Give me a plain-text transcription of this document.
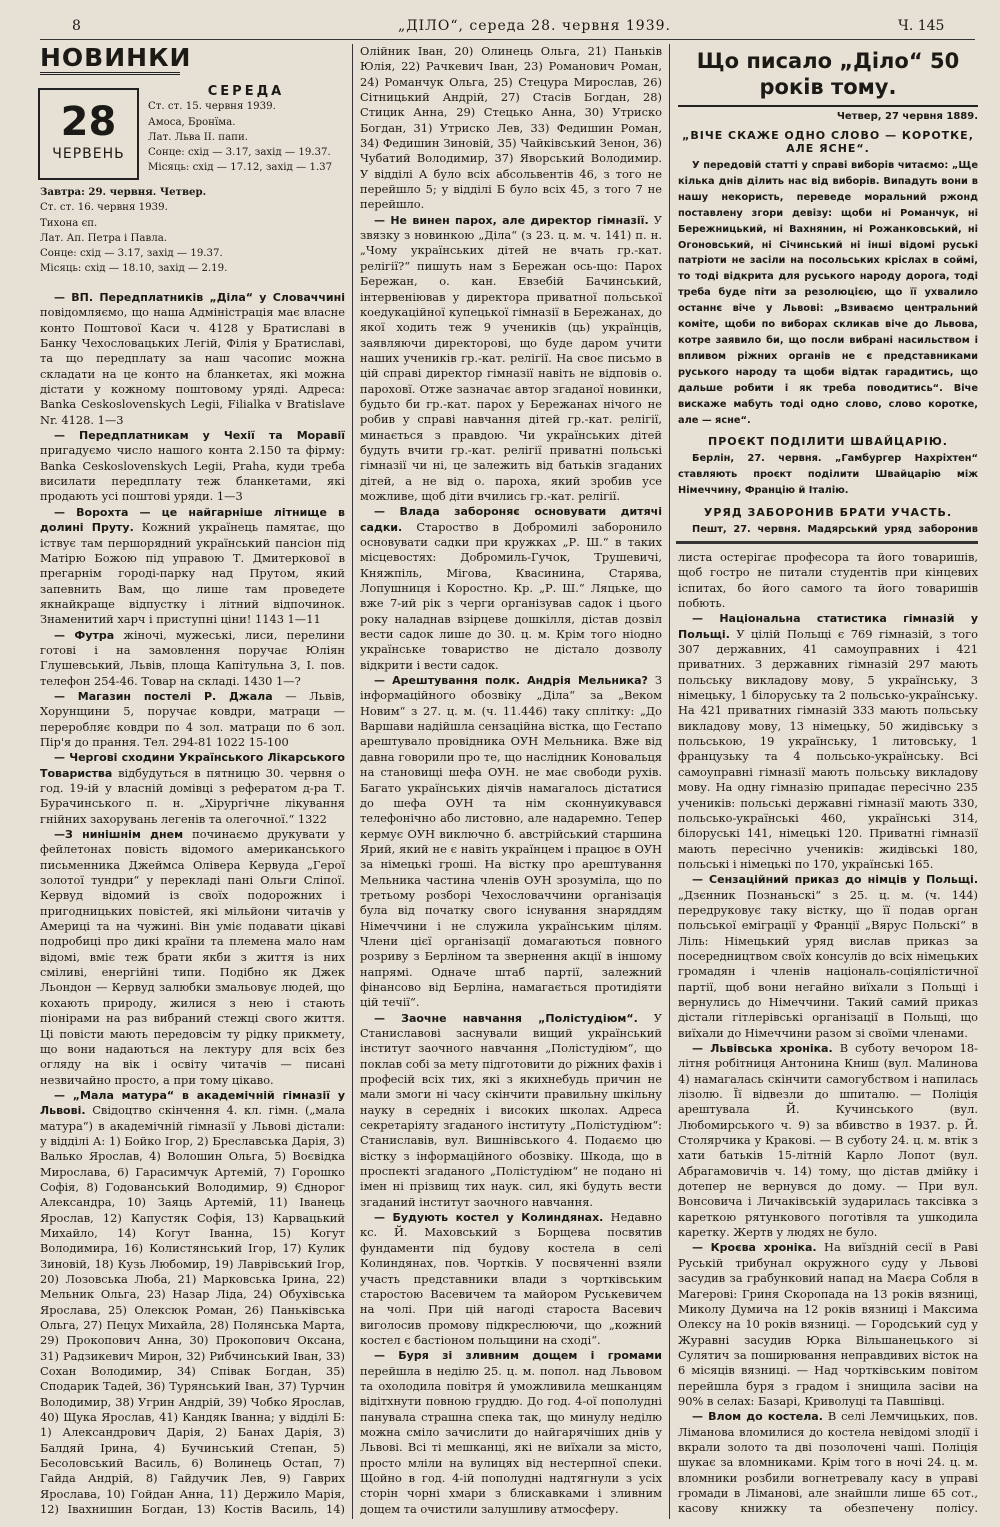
8	„ДІЛО“, середа 28. червня 1939.	Ч. 145
НОВИНКИ
28
ЧЕРВЕНЬ
СЕРЕДА
Ст. ст. 15. червня 1939.
Амоса, Бронїма.
Лат. Льва II. папи.
Сонце: схід — 3.17, захід — 19.37.
Місяць: схід — 17.12, захід — 1.37
Завтра: 29. червня. Четвер.
Ст. ст. 16. червня 1939.
Тихона єп.
Лат. Ап. Петра і Павла.
Сонце: схід — 3.17, захід — 19.37.
Місяць: схід — 18.10, захід — 2.19.

— ВП. Передплатників „Діла“ у Словаччині повідомляємо, що наша Адміністрація має власне конто Поштової Каси ч. 4128 у Братиславі в Банку Чехословацьких Легій, Філія у Братиславі, та що передплату за наш часопис можна складати на це конто на бланкетах, які можна дістати у кожному поштовому уряді. Адреса: Banka Ceskoslovenskych Legii, Filialka v Bratislave Nr. 4128. 1—3

— Передплатникам у Чехії та Моравії пригадуємо число нашого конта 2.150 та фірму: Banka Ceskoslovenskych Legii, Praha, куди треба висилати передплату теж бланкетами, які продають усі поштові уряди. 1—3

— Ворохта — це найгарніше літнище в долині Пруту. Кожний українець памятає, що іствує там першорядний український пансіон під Матірю Божою під управою Т. Дмитеркової в прегарнім городі-парку над Прутом, який запевнить Вам, що лише там проведете якнайкраще відпустку і літний відпочинок. Знаменитий харч і приступні ціни! 1143 1—11

— Футра жіночі, мужеські, лиси, перелини готові і на замовлення поручає Юліян Глушевський, Львів, площа Капітульна 3, І. пов. телефон 254-46. Товар на складі. 1430 1—?

— Магазин постелі Р. Джала — Львів, Хорунщини 5, поручає ковдри, матраци — переробляє ковдри по 4 зол. матраци по 6 зол. Пір'я до прання. Тел. 294-81 1022 15-100

— Чергові сходини Українського Лікарського Товариства відбудуться в пятницю 30. червня о год. 19-ій у власній домівці з рефератом д-ра Т. Бурачинського п. н. „Хірургічне лікування гнійних захорувань легенів та олегочної.“ 1322

—З нинішнім днем починаємо друкувати у фейлетонах повість відомого американського письменника Джеймса Олівера Кервуда „Герої золотої тундри“ у перекладі пані Ольги Сліпої. Кервуд відомий із своїх подорожних і пригодницьких повістей, які мільйони читачів у Америці та на чужині. Він уміє подавати цікаві подробиці про дикі країни та племена мало нам відомі, вміє теж брати якби з життя із них сміливі, енергійні типи. Подібно як Джек Льондон — Кервуд залюбки змальовує людей, що кохають природу, жилися з нею і стають піонірами на раз вибраний стежці свого життя. Ці повісти мають передовсім ту рідку прикмету, що вони надаються на лектуру для всіх без огляду на вік і освіту читачів — писані незвичайно просто, а при тому цікаво.

— „Мала матура“ в академічній гімназії у Львові. Свідоцтво скінчення 4. кл. гімн. („мала матура“) в академічній гімназії у Львові дістали: у відділі А: 1) Бойко Ігор, 2) Бреславська Дарія, 3) Валько Ярослав, 4) Волошин Ольга, 5) Воєвідка Мирослава, 6) Гарасимчук Артемій, 7) Горошко Софія, 8) Годованський Володимир, 9) Єднорог Александра, 10) Заяць Артемій, 11) Іванець Ярослав, 12) Капустяк Софія, 13) Карвацький Михайло, 14) Когут Іванна, 15) Когут Володимира, 16) Колистянський Ігор, 17) Кулик Зиновій, 18) Кузь Любомир, 19) Лаврівський Ігор, 20) Лозовська Люба, 21) Марковська Ірина, 22) Мельник Ольга, 23) Назар Ліда, 24) Обухівська Ярослава, 25) Олексюк Роман, 26) Паньківська Ольга, 27) Пецух Михайла, 28) Полянська Марта, 29) Прокопович Анна, 30) Прокопович Оксана, 31) Радзикевич Мирон, 32) Рибчинський Іван, 33) Сохан Володимир, 34) Співак Богдан, 35) Сподарик Тадей, 36) Турянський Іван, 37) Турчин Володимир, 38) Угрин Андрій, 39) Чобко Ярослав, 40) Щука Ярослав, 41) Кандяк Іванна; у відділі Б: 1) Александрович Дарія, 2) Банах Дарія, 3) Балдяй Ірина, 4) Бучинський Степан, 5) Бесоловський Василь, 6) Волинець Остап, 7) Гайда Андрій, 8) Гайдучик Лев, 9) Гаврих Ярослава, 10) Гойдан Анна, 11) Держило Марія, 12) Івахнишин Богдан, 13) Костів Василь, 14)

Олійник Іван, 20) Олинець Ольга, 21) Паньків Юлія, 22) Рачкевич Іван, 23) Романович Роман, 24) Романчук Ольга, 25) Стецура Мирослав, 26) Сітницький Андрій, 27) Стасів Богдан, 28) Стицик Анна, 29) Стецько Анна, 30) Утриско Богдан, 31) Утриско Лев, 33) Федишин Роман, 34) Федишин Зиновій, 35) Чайківський Зенон, 36) Чубатий Володимир, 37) Яворський Володимир. У відділі А було всіх абсольвентів 46, з того не перейшло 5; у відділі Б було всіх 45, з того 7 не перейшло.

— Не винен парох, але директор гімназії. У звязку з новинкою „Діла“ (з 23. ц. м. ч. 141) п. н. „Чому українських дітей не вчать гр.-кат. релігії?“ пишуть нам з Бережан ось-що: Парох Бережан, о. кан. Евзебій Бачинський, інтервеніював у директора приватної польської коедукаційної купецької гімназії в Бережанах, до якої ходить теж 9 учеників (ць) українців, заявляючи директорові, що буде даром учити наших учеників гр.-кат. релігії. На своє письмо в цій справі директор гімназії навіть не відповів о. пароховї. Отже зазначає автор згаданої новинки, будьто би гр.-кат. парох у Бережанах нічого не робив у справі навчання дітей гр.-кат. релігії, минається з правдою. Чи українських дітей будуть вчити гр.-кат. релігії приватні польські гімназії чи ні, це залежить від батьків згаданих дітей, а не від о. пароха, який зробив усе можливе, щоб діти вчились гр.-кат. релігії.

— Влада забороняє основувати дитячі садки. Староство в Добромилі заборонило основувати садки при кружках „Р. Ш.“ в таких місцевостях: Добромиль-Гучок, Трушевичі, Княжпіль, Мігова, Квасинина, Старява, Лопушниця і Коростно. Кр. „Р. Ш.“ Ляцьке, що вже 7-ий рік з черги організував садок і цього року наладнав взірцеве дошкілля, дістав дозвіл вести садок лише до 30. ц. м. Крім того ніодно українське товариство не дістало дозволу відкрити і вести садок.

— Арештування полк. Андрія Мельника? З інформаційного обозвіку „Діла“ за „Веком Новим“ з 27. ц. м. (ч. 11.446) таку сплітку: „До Варшави надійшла сензаційна вістка, що Гестапо арештувало провідника ОУН Мельника. Вже від давна говорили про те, що наслідник Коновальця на становищі шефа ОУН. не має свободи рухів. Багато українських діячів намагалось дістатися до шефа ОУН та нім сконнуикувався телефонічно або листовно, але надаремно. Тепер кермує ОУН виключно б. австрійський старшина Ярий, який не є навіть українцем і працює в ОУН за німецькі гроші. На вістку про арештування Мельника частина членів ОУН зрозуміла, що по третьому розборі Чехословаччини організація була від початку свого існування знаряддям Німеччини і не служила українським цілям. Члени цієї організації домагаються повного розриву з Берліном та звернення акції в іншому напрямі. Одначе штаб партії, залежний фінансово від Берліна, намагається протидіяти цій течії“.

— Заочне навчання „Полістудіюм“. У Станиславові заснували вищий український інститут заочного навчання „Полістудіюм“, що поклав собі за мету підготовити до ріжних фахів і професій всіх тих, які з якихнебудь причин не мали змоги ні часу скінчити правильну шкільну науку в середніх і високих школах. Адреса секретаріяту згаданого інституту „Полістудіюм“: Станиславів, вул. Вишнівського 4. Подаємо цю вістку з інформаційного обозвіку. Шкода, що в проспекті згаданого „Полістудіюм“ не подано ні імен ні прізвищ тих наук. сил, які будуть вести згаданий інститут заочного навчання.

— Будують костел у Колиндянах. Недавно кс. Й. Маховський з Борщева посвятив фундаменти під будову костела в селі Колиндянах, пов. Чортків. У посвяченні взяли участь представники влади з чортківським старостою Васевичем та майором Руськевичем на чолі. При цій нагоді староста Васевич виголосив промову підкреслюючи, що „кожний костел є бастіоном польщини на сході“.

— Буря зі зливним дощем і громами перейшла в неділю 25. ц. м. попол. над Львовом та охолодила повітря й уможливила мешканцям відітхнути повною груддю. До год. 4-ої пополудні панувала страшна спека так, що минулу неділю можна сміло зачислити до найгарячіших днів у Львові. Всі ті мешканці, які не виїхали за місто, просто мліли на вулицях від нестерпної спеки. Щойно в год. 4-ій пополудні надтягнули з усіх сторін чорні хмари з блискавками і зливним дощем та очистили залушливу атмосферу.

Що писало „Діло“ 50 років тому.
Четвер, 27 червня 1889.
„ВІЧЕ СКАЖЕ ОДНО СЛОВО — КОРОТКЕ, АЛЕ ЯСНЕ“.

У передовій статті у справі виборів читаємо: „Ще кілька днів ділить нас від виборів. Випадуть вони в нашу некористь, переведе моральний ржонд поставлену згори девізу: щоби ні Романчук, ні Бережницький, ні Вахнянин, ні Рожанковський, ні Огоновський, ні Січинський ні інші відомі руські патріоти не засіли на посольських кріслах в соймі, то тоді відкрита для руського народу дорога, тоді треба буде піти за резолюцією, що її ухвалило останнє віче у Львові: „Взиваємо центральний коміте, щоби по виборах скликав віче до Львова, котре заявило би, що посли вибрані насильством і впливом ріжних органів не є представниками руського народу та щоби відтак гарадитись, що дальше робити і як треба поводитись“. Віче вискаже мабуть тоді одно слово, слово коротке, але — ясне“.

ПРОЄКТ ПОДІЛИТИ ШВАЙЦАРІЮ.

Берлін, 27. червня. „Гамбургер Нахріхтен“ ставляють проєкт поділити Швайцарію між Німеччину, Францію й Італію.

УРЯД ЗАБОРОНИВ БРАТИ УЧАСТЬ.

Пешт, 27. червня. Мадярський уряд заборонив

листа остерігає професора та його товаришів, щоб гостро не питали студентів при кінцевих іспитах, бо його самого та його товаришів побють.

— Національна статистика гімназій у Польщі. У цілій Польщі є 769 гімназій, з того 307 державних, 41 самоуправних і 421 приватних. З державних гімназій 297 мають польську викладову мову, 5 українську, 3 німецьку, 1 білоруську та 2 польсько-українську. На 421 приватних гімназій 333 мають польську викладову мову, 13 німецьку, 50 жидівську з польською, 19 українську, 1 литовську, 1 французьку та 4 польсько-українську. Всі самоуправні гімназії мають польську викладову мову. На одну гімназію припадає пересічно 235 учеників: польські державні гімназії мають 330, польсько-українські 460, українські 314, білоруські 141, німецькі 120. Приватні гімназії мають пересічно учеників: жидівські 180, польські і німецькі по 170, українські 165.

— Сензаційний приказ до німців у Польщі. „Дзєнник Познаньскі“ з 25. ц. м. (ч. 144) передруковує таку вістку, що її подав орган польської еміграції у Франції „Вярус Польскі“ в Ліль: Німецький уряд вислав приказ за посередництвом своїх консулів до всіх німецьких громадян і членів національ-соціялістичної партії, щоб вони негайно виїхали з Польщі і вернулись до Німеччини. Такий самий приказ дістали гітлерівські організації в Польщі, що виїхали до Німеччини разом зі своїми членами.

— Львівська хроніка. В суботу вечором 18-літня робітниця Антонина Книш (вул. Малинова 4) намагалась скінчити самогубством і напилась лізолю. Її відвезли до шпиталю. — Поліція арештувала Й. Кучинського (вул. Любомирського ч. 9) за вбивство в 1937. р. Й. Столярчика у Кракові. — В суботу 24. ц. м. втік з хати батьків 15-літній Карло Лопот (вул. Абрагамовичів ч. 14) тому, що дістав дмійку і дотепер не вернувся до дому. — При вул. Вонсовича і Личаківській зударилась таксівка з кареткою рятункового поготівля та ушкодила каретку. Жертв у людях не було.

— Кроєва хроніка. На виїздній сесії в Раві Руській трибунал окружного суду у Львові засудив за грабунковий напад на Маєра Собля в Магерові: Гриня Скоропада на 13 років вязниці, Миколу Думича на 12 років вязниці і Максима Олексу на 10 років вязниці. — Городський суд у Журавні засудив Юрка Вільшанецького зі Сулятич за поширювання неправдивих вісток на 6 місяців вязниці. — Над чортківським повітом перейшла буря з градом і знищила засіви на 90% в селах: Базарі, Криволуці та Павшівці.

— Влом до костела. В селі Лемчицьких, пов. Ліманова вломилися до костела невідомі злодії і вкрали золото та дві позолочені чаші. Поліція шукає за вломниками. Крім того в ночі 24. ц. м. вломники розбили вогнетревалу касу в управі громади в Ліманові, але знайшли лише 65 сот., касову книжку та обезпечену полісу.
